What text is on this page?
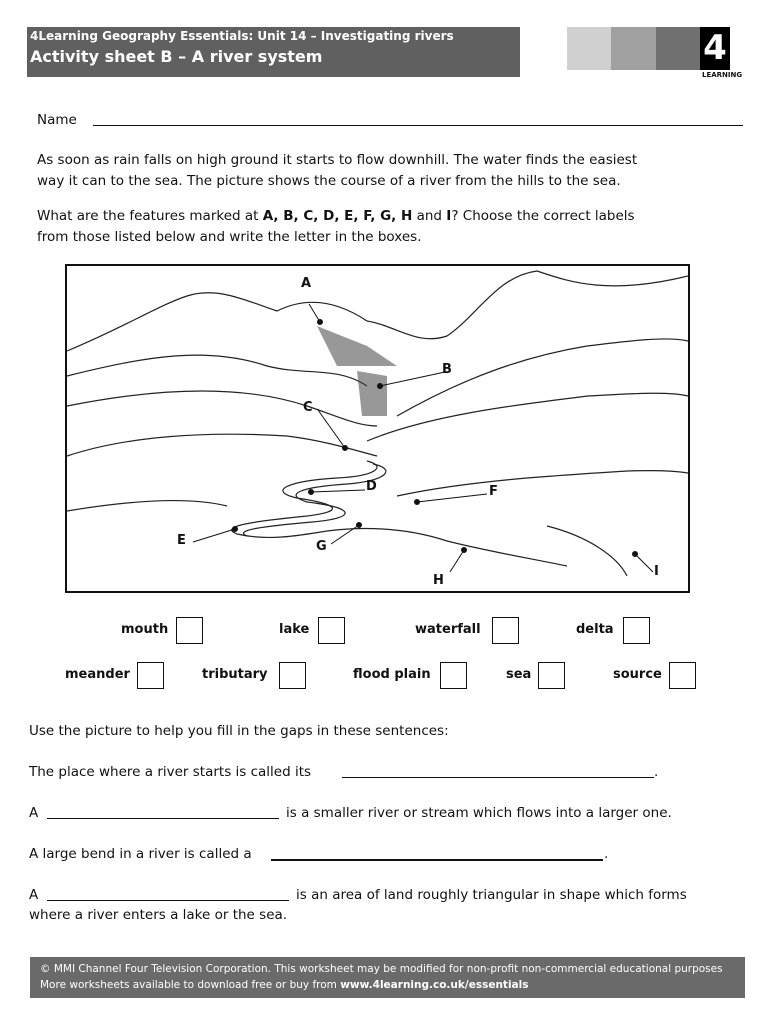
4Learning Geography Essentials: Unit 14 – Investigating rivers
Activity sheet B – A river system	4
LEARNING
Name
As soon as rain falls on high ground it starts to flow downhill. The water finds the easiest
way it can to the sea. The picture shows the course of a river from the hills to the sea.
What are the features marked at A, B, C, D, E, F, G, H and I? Choose the correct labels
from those listed below and write the letter in the boxes.
A
B
C
D
E
F
G
H
I
mouth	lake	waterfall	delta
meander	tributary	flood plain	sea	source
Use the picture to help you fill in the gaps in these sentences:
The place where a river starts is called its	.
A	is a smaller river or stream which flows into a larger one.
A large bend in a river is called a	.
A	is an area of land roughly triangular in shape which forms
where a river enters a lake or the sea.
© MMI Channel Four Television Corporation. This worksheet may be modified for non-profit non-commercial educational purposes
More worksheets available to download free or buy from www.4learning.co.uk/essentials
